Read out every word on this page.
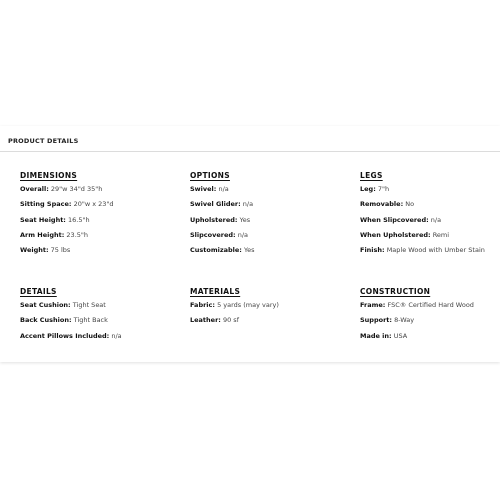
PRODUCT DETAILS
DIMENSIONS
Overall: 29"w 34"d 35"h
Sitting Space: 20"w x 23"d
Seat Height: 16.5"h
Arm Height: 23.5"h
Weight: 75 lbs
OPTIONS
Swivel: n/a
Swivel Glider: n/a
Upholstered: Yes
Slipcovered: n/a
Customizable: Yes
LEGS
Leg: 7"h
Removable: No
When Slipcovered: n/a
When Upholstered: Remi
Finish: Maple Wood with Umber Stain
DETAILS
Seat Cushion: Tight Seat
Back Cushion: Tight Back
Accent Pillows Included: n/a
MATERIALS
Fabric: 5 yards (may vary)
Leather: 90 sf
CONSTRUCTION
Frame: FSC® Certified Hard Wood
Support: 8-Way
Made in: USA
